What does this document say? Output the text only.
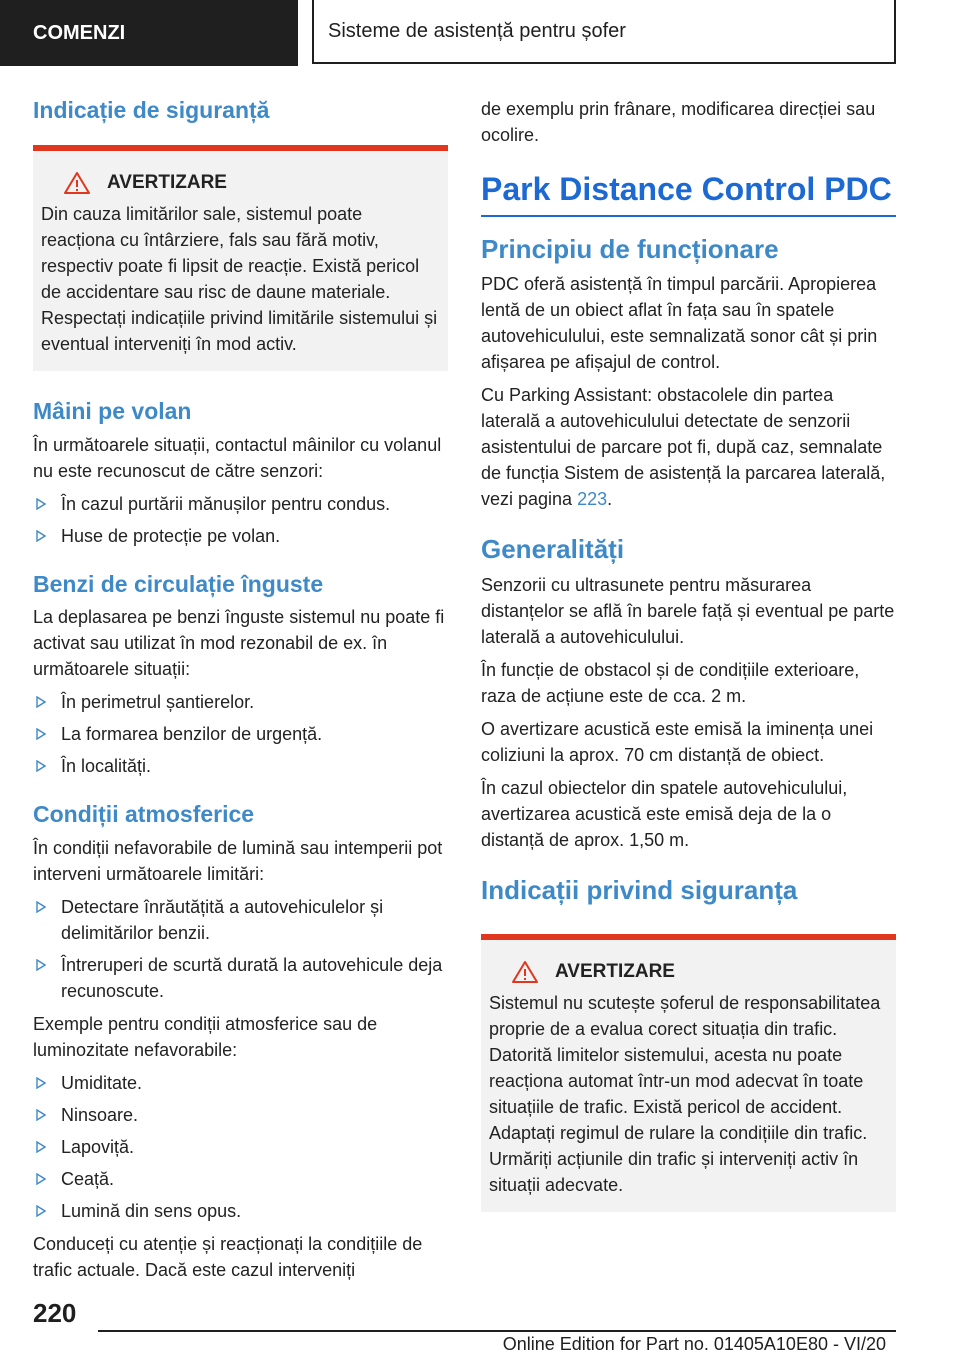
COMENZI	Sisteme de asistență pentru șofer
Indicație de siguranță
AVERTIZARE

Din cauza limitărilor sale, sistemul poate reacționa cu întârziere, fals sau fără motiv, respectiv poate fi lipsit de reacție. Există pericol de accidentare sau risc de daune materiale. Respectați indicațiile privind limitările sistemului și eventual interveniți în mod activ.

Mâini pe volan

În următoarele situații, contactul mâinilor cu volanul nu este recunoscut de către senzori:

În cazul purtării mănușilor pentru condus.
Huse de protecție pe volan.
Benzi de circulație înguste

La deplasarea pe benzi înguste sistemul nu poate fi activat sau utilizat în mod rezonabil de ex. în următoarele situații:

În perimetrul șantierelor.
La formarea benzilor de urgență.
În localități.
Condiții atmosferice

În condiții nefavorabile de lumină sau intemperii pot interveni următoarele limitări:

Detectare înrăutățită a autovehiculelor și delimitărilor benzii.
Întreruperi de scurtă durată la autovehicule deja recunoscute.

Exemple pentru condiții atmosferice sau de luminozitate nefavorabile:

Umiditate.
Ninsoare.
Lapoviță.
Ceață.
Lumină din sens opus.

Conduceți cu atenție și reacționați la condițiile de trafic actuale. Dacă este cazul interveniți

de exemplu prin frânare, modificarea direcției sau ocolire.

Park Distance Control PDC
Principiu de funcționare

PDC oferă asistență în timpul parcării. Apropierea lentă de un obiect aflat în fața sau în spatele autovehiculului, este semnalizată sonor cât și prin afișarea pe afișajul de control.

Cu Parking Assistant: obstacolele din partea laterală a autovehiculului detectate de senzorii asistentului de parcare pot fi, după caz, semnalate de funcția Sistem de asistență la parcarea laterală, vezi pagina 223.

Generalități

Senzorii cu ultrasunete pentru măsurarea distanțelor se află în barele față și eventual pe parte laterală a autovehiculului.

În funcție de obstacol și de condițiile exterioare, raza de acțiune este de cca. 2 m.

O avertizare acustică este emisă la iminența unei coliziuni la aprox. 70 cm distanță de obiect.

În cazul obiectelor din spatele autovehiculului, avertizarea acustică este emisă deja de la o distanță de aprox. 1,50 m.

Indicații privind siguranța
AVERTIZARE

Sistemul nu scutește șoferul de responsabilitatea proprie de a evalua corect situația din trafic. Datorită limitelor sistemului, acesta nu poate reacționa automat într-un mod adecvat în toate situațiile de trafic. Există pericol de accident. Adaptați regimul de rulare la condițiile din trafic. Urmăriți acțiunile din trafic și interveniți activ în situații adecvate.

220
Online Edition for Part no. 01405A10E80 - VI/20
